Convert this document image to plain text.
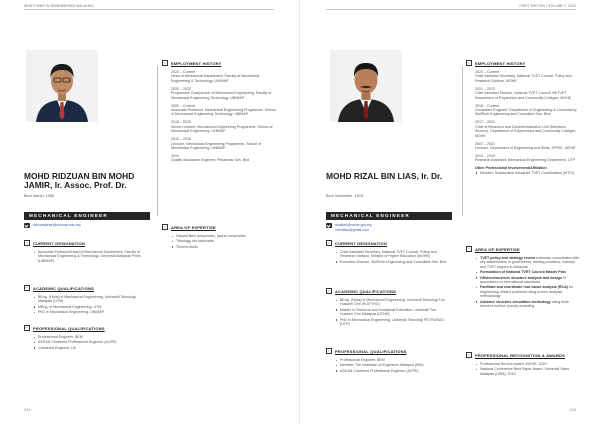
WHO'S WHO IN ENGINEERING MALAYSIA
MOHD RIDZUAN BIN MOHD JAMIR, Ir. Assoc. Prof. Dr.
Born March, 1985
MECHANICAL ENGINEER
ridzuanjamir@unimap.edu.my
›	CURRENT DESIGNATION
Associate Professor/Head of Mechanical Department, Faculty of Mechanical Engineering & Technology, Universiti Malaysia Perlis (UNIMAP)
›	ACADEMIC QUALIFICATIONS
BEng. (Hons) in Mechanical Engineering, Universiti Teknologi Malaysia (UTM)
MEng. in Mechanical Engineering, UTM
PhD in Mechanical Engineering, UNIMAP
›	PROFESSIONAL QUALIFICATIONS
Professional Engineer, BEM
ASEAN Chartered Professional Engineer (ACPE)
Chartered Engineer, UK
›	EMPLOYMENT HISTORY
2022 – Current
Head of Mechanical Department, Faculty of Mechanical Engineering & Technology, UNIMAP
2020 – 2022
Programme Chairperson of Mechanical Engineering, Faculty of Mechanical Engineering Technology, UNIMAP
2020 – Current
Associate Professor, Mechanical Engineering Programme, School of Mechanical Engineering Technology, UNIMAP
2016 – 2020
Senior Lecturer, Mechanical Engineering Programme, School of Mechanical Engineering, UNIMAP
2010 – 2016
Lecturer, Mechanical Engineering Programme, School of Mechanical Engineering, UNIMAP
2010
Quality Assurance Engineer, Pintarmas Sdn. Bhd
›	AREA OF EXPERTISE
Natural fibre composites, hybrid composites
Tribology, bio-lubricants
Thermo fluids
244
FIRST EDITION | VOLUME 1, 2022
MOHD RIZAL BIN LIAS, Ir. Dr.
Born November, 1978
MECHANICAL ENGINEER
rizallias@mohe.gov.my
mrliallias@gmail.com
›	CURRENT DESIGNATION
Chief Assistant Secretary, National TVET Council, Policy and Research Division, Ministry of Higher Education (MOHE)
Executive Director, SkillTech Engineering and Consultant Sdn. Bhd
›	ACADEMIC QUALIFICATIONS
BEng. (Hons) in Mechanical Engineering, Universiti Teknologi Tun Hussein Onn (KUiTTHO)
Master in Technical and Vocational Education, Universiti Tun Hussein Onn Malaysia (UTHM)
PhD in Mechanical Engineering, Universiti Teknologi PETRONAS (UTP)
›	PROFESSIONAL QUALIFICATIONS
Professional Engineer, BEM
Member, The Institution of Engineers Malaysia (IEM)
ASEAN Chartered Professional Engineer (ACPE)
›	EMPLOYMENT HISTORY
2022 – Current
Chief Assistant Secretary, National TVET Council, Policy and Research Division, MOHE
2021 – 2022
Chief Assistant Director, National TVET Council, BKTVET, Department of Polytechnic and Community Colleges, MOHE
2018 – Current
Consultant Engineer, Department of Engineering & Consultancy, SkillTech Engineering and Consultant Sdn. Bhd
2017 – 2021
Chief of Research and Commercialization Unit (Members Section), Department of Polytechnics and Community Colleges, MOHE
2007 – 2021
Lecturer, Department of Engineering and Skills, JPPKK, MOHE
2010 – 2015
Research Assistant, Mechanical Engineering Department, UTP
Other Professional Involvement/Affiliation
Member, Sustainable Industries TVET Coordinators (MTCI)
›	AREA OF EXPERTISE
TVET policy and strategy review extensive consultation with key stakeholders in government, training providers, industry and TVET players in Malaysia
Formulation of National TVET Council Master Plan
Offshore/onshore structure analysis and design in accordance to international standards
Facilitate and coordinate root cause analysis (RCA) for engineering related problems using proven analysis methodology
Advance structure simulation technology using finite element method (mesh) modelling
›	PROFESSIONAL RECOGNITION & AWARDS
Professional Service Award, MOHE, 2020
National Conference Best Paper Award, Universiti Sains Malaysia (USM), 2010
245
